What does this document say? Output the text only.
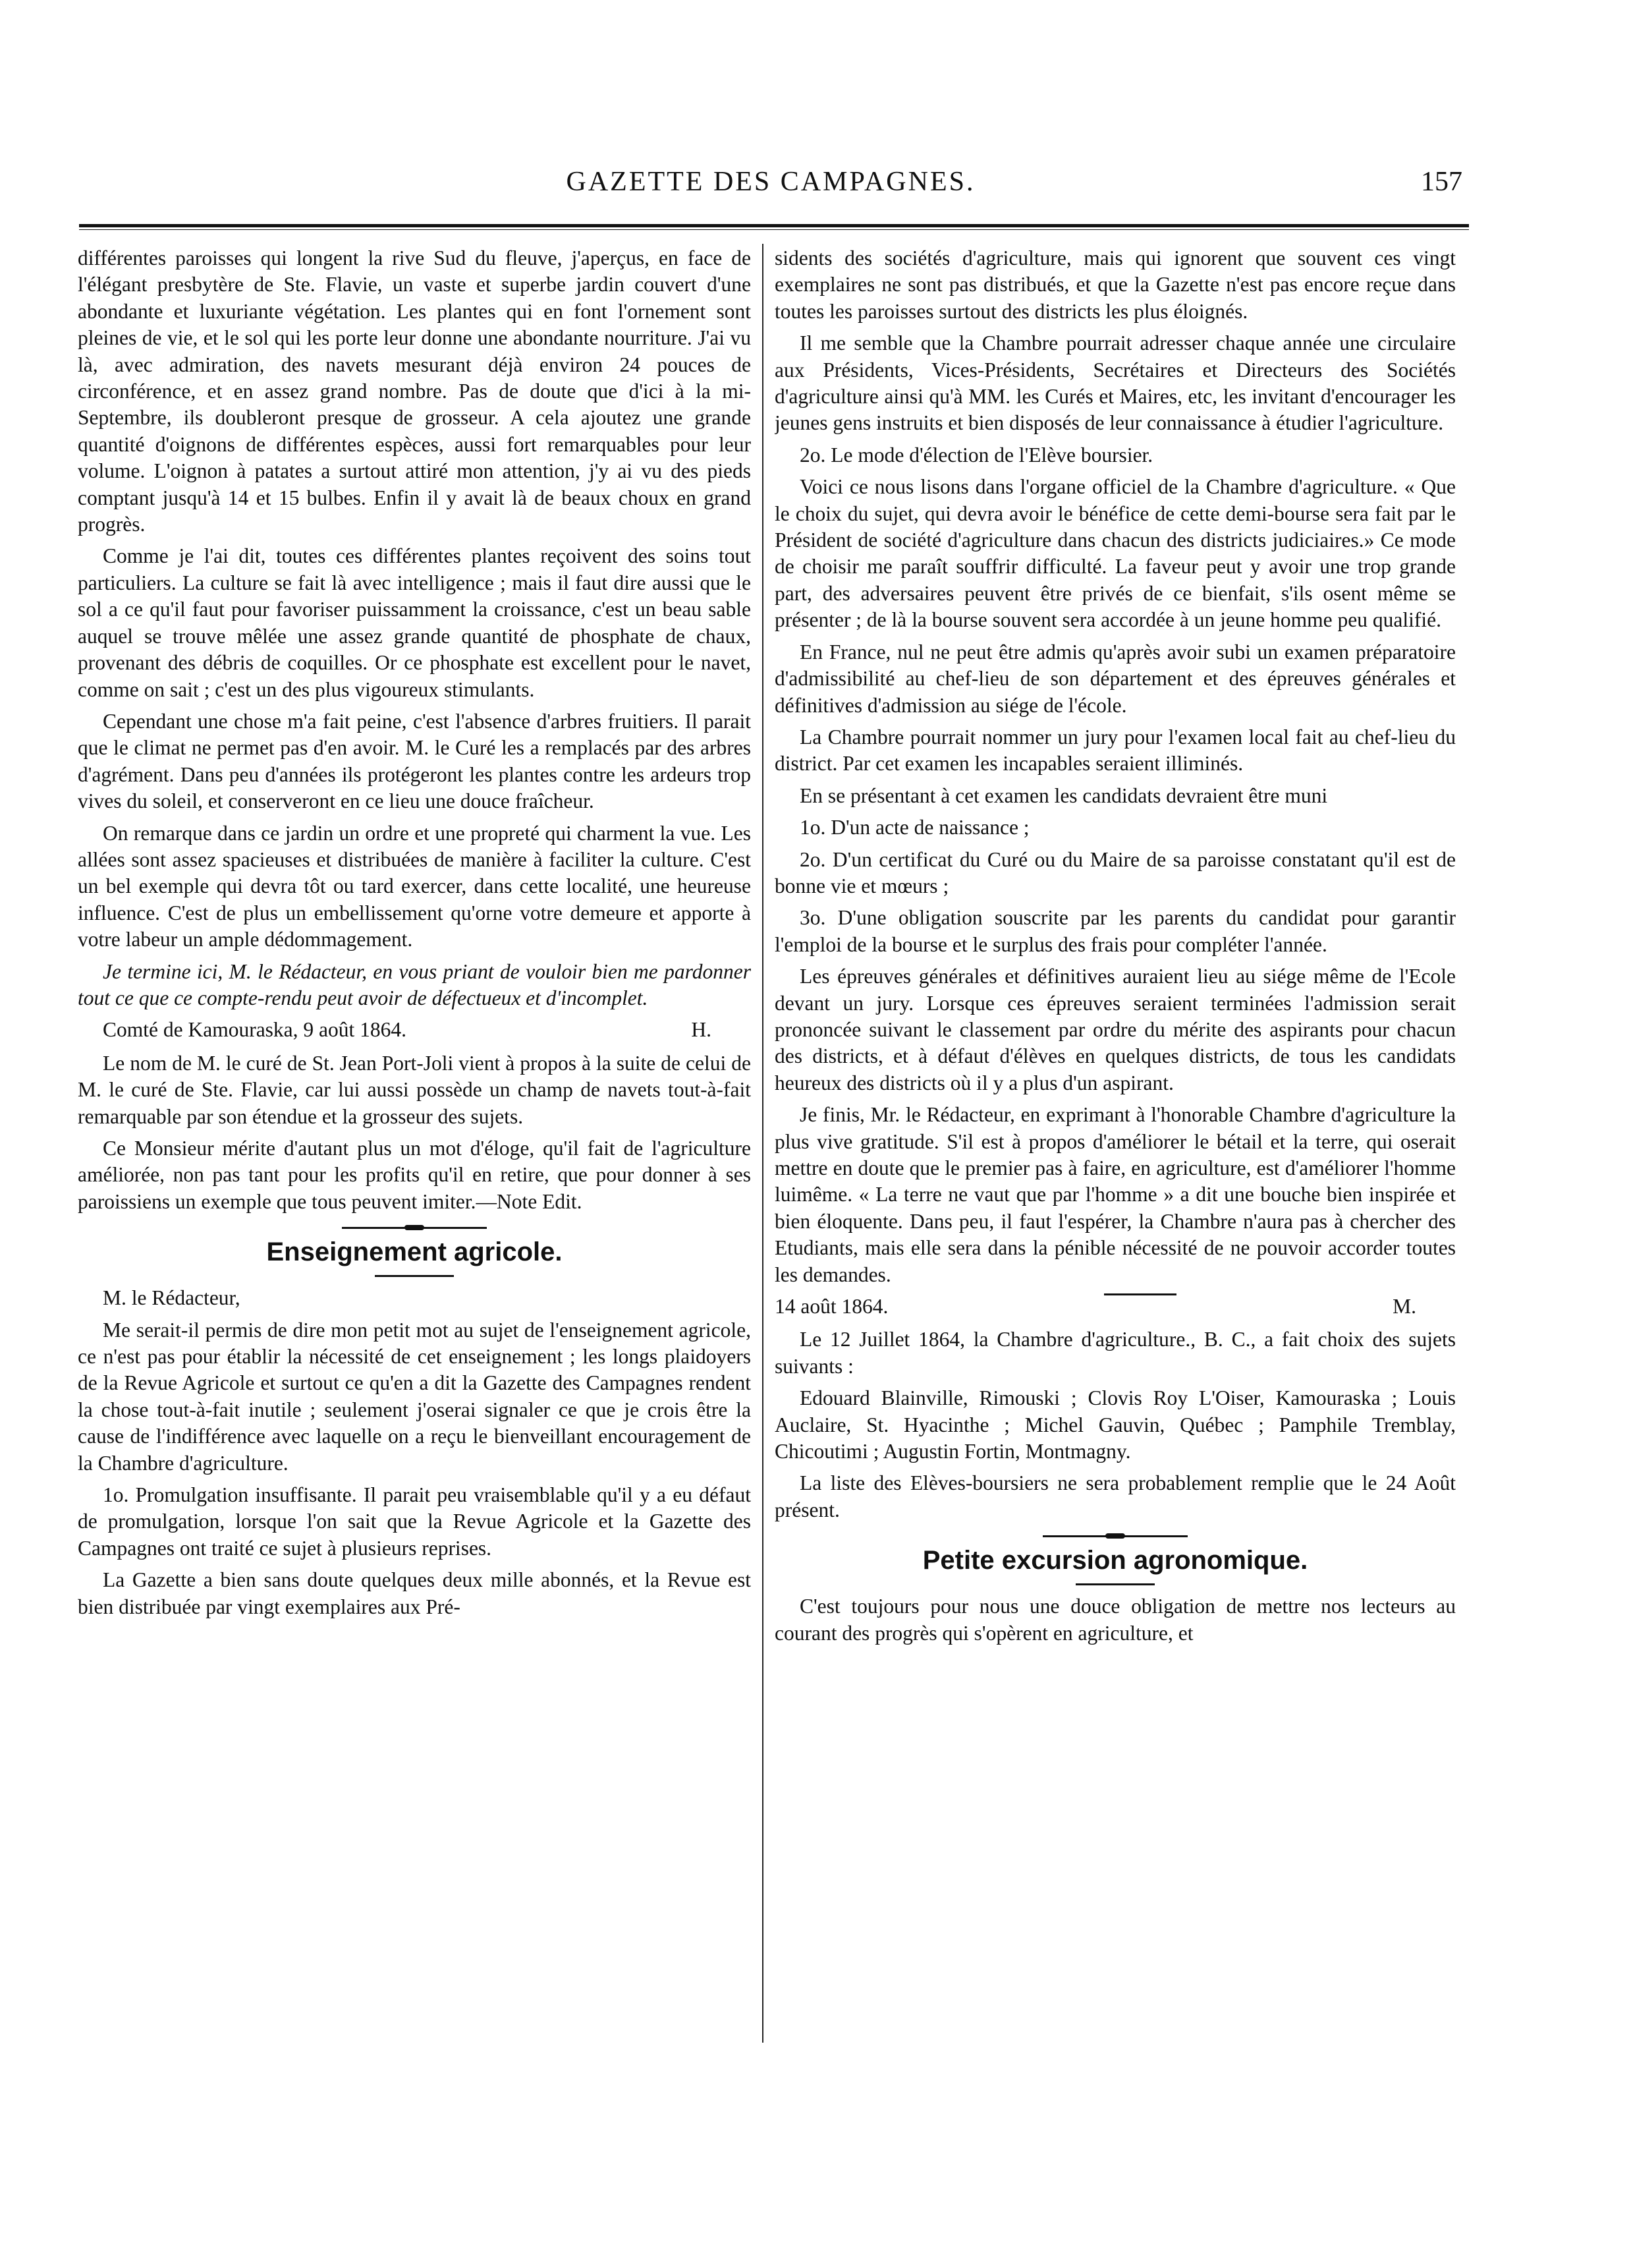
GAZETTE DES CAMPAGNES.	157

différentes paroisses qui longent la rive Sud du fleuve, j'aperçus, en face de l'élégant presbytère de Ste. Flavie, un vaste et superbe jardin couvert d'une abondante et luxuriante végétation. Les plantes qui en font l'ornement sont pleines de vie, et le sol qui les porte leur donne une abondante nourriture. J'ai vu là, avec admiration, des navets mesurant déjà environ 24 pouces de circonférence, et en assez grand nombre. Pas de doute que d'ici à la mi-Septembre, ils doubleront presque de grosseur. A cela ajoutez une grande quantité d'oignons de différentes espèces, aussi fort remarquables pour leur volume. L'oignon à patates a surtout attiré mon attention, j'y ai vu des pieds comptant jusqu'à 14 et 15 bulbes. Enfin il y avait là de beaux choux en grand progrès.

Comme je l'ai dit, toutes ces différentes plantes reçoivent des soins tout particuliers. La culture se fait là avec intelligence ; mais il faut dire aussi que le sol a ce qu'il faut pour favoriser puissamment la croissance, c'est un beau sable auquel se trouve mêlée une assez grande quantité de phosphate de chaux, provenant des débris de coquilles. Or ce phosphate est excellent pour le navet, comme on sait ; c'est un des plus vigoureux stimulants.

Cependant une chose m'a fait peine, c'est l'absence d'arbres fruitiers. Il parait que le climat ne permet pas d'en avoir. M. le Curé les a remplacés par des arbres d'agrément. Dans peu d'années ils protégeront les plantes contre les ardeurs trop vives du soleil, et conserveront en ce lieu une douce fraîcheur.

On remarque dans ce jardin un ordre et une propreté qui charment la vue. Les allées sont assez spacieuses et distribuées de manière à faciliter la culture. C'est un bel exemple qui devra tôt ou tard exercer, dans cette localité, une heureuse influence. C'est de plus un embellissement qu'orne votre demeure et apporte à votre labeur un ample dédommagement.

Je termine ici, M. le Rédacteur, en vous priant de vouloir bien me pardonner tout ce que ce compte-rendu peut avoir de défectueux et d'incomplet.

Comté de Kamouraska, 9 août 1864.	H.

Le nom de M. le curé de St. Jean Port-Joli vient à propos à la suite de celui de M. le curé de Ste. Flavie, car lui aussi possède un champ de navets tout-à-fait remarquable par son étendue et la grosseur des sujets.

Ce Monsieur mérite d'autant plus un mot d'éloge, qu'il fait de l'agriculture améliorée, non pas tant pour les profits qu'il en retire, que pour donner à ses paroissiens un exemple que tous peuvent imiter.—Note Edit.

Enseignement agricole.

M. le Rédacteur,

Me serait-il permis de dire mon petit mot au sujet de l'enseignement agricole, ce n'est pas pour établir la nécessité de cet enseignement ; les longs plaidoyers de la Revue Agricole et surtout ce qu'en a dit la Gazette des Campagnes rendent la chose tout-à-fait inutile ; seulement j'oserai signaler ce que je crois être la cause de l'indifférence avec laquelle on a reçu le bienveillant encouragement de la Chambre d'agriculture.

1o. Promulgation insuffisante. Il parait peu vraisemblable qu'il y a eu défaut de promulgation, lorsque l'on sait que la Revue Agricole et la Gazette des Campagnes ont traité ce sujet à plusieurs reprises.

La Gazette a bien sans doute quelques deux mille abonnés, et la Revue est bien distribuée par vingt exemplaires aux Pré-

sidents des sociétés d'agriculture, mais qui ignorent que souvent ces vingt exemplaires ne sont pas distribués, et que la Gazette n'est pas encore reçue dans toutes les paroisses surtout des districts les plus éloignés.

Il me semble que la Chambre pourrait adresser chaque année une circulaire aux Présidents, Vices-Présidents, Secrétaires et Directeurs des Sociétés d'agriculture ainsi qu'à MM. les Curés et Maires, etc, les invitant d'encourager les jeunes gens instruits et bien disposés de leur connaissance à étudier l'agriculture.

2o. Le mode d'élection de l'Elève boursier.

Voici ce nous lisons dans l'organe officiel de la Chambre d'agriculture. « Que le choix du sujet, qui devra avoir le bénéfice de cette demi-bourse sera fait par le Président de société d'agriculture dans chacun des districts judiciaires.» Ce mode de choisir me paraît souffrir difficulté. La faveur peut y avoir une trop grande part, des adversaires peuvent être privés de ce bienfait, s'ils osent même se présenter ; de là la bourse souvent sera accordée à un jeune homme peu qualifié.

En France, nul ne peut être admis qu'après avoir subi un examen préparatoire d'admissibilité au chef-lieu de son département et des épreuves générales et définitives d'admission au siége de l'école.

La Chambre pourrait nommer un jury pour l'examen local fait au chef-lieu du district. Par cet examen les incapables seraient illiminés.

En se présentant à cet examen les candidats devraient être muni

1o. D'un acte de naissance ;

2o. D'un certificat du Curé ou du Maire de sa paroisse constatant qu'il est de bonne vie et mœurs ;

3o. D'une obligation souscrite par les parents du candidat pour garantir l'emploi de la bourse et le surplus des frais pour compléter l'année.

Les épreuves générales et définitives auraient lieu au siége même de l'Ecole devant un jury. Lorsque ces épreuves seraient terminées l'admission serait prononcée suivant le classement par ordre du mérite des aspirants pour chacun des districts, et à défaut d'élèves en quelques districts, de tous les candidats heureux des districts où il y a plus d'un aspirant.

Je finis, Mr. le Rédacteur, en exprimant à l'honorable Chambre d'agriculture la plus vive gratitude. S'il est à propos d'améliorer le bétail et la terre, qui oserait mettre en doute que le premier pas à faire, en agriculture, est d'améliorer l'homme luimême. « La terre ne vaut que par l'homme » a dit une bouche bien inspirée et bien éloquente. Dans peu, il faut l'espérer, la Chambre n'aura pas à chercher des Etudiants, mais elle sera dans la pénible nécessité de ne pouvoir accorder toutes les demandes.

14 août 1864.	M.

Le 12 Juillet 1864, la Chambre d'agriculture., B. C., a fait choix des sujets suivants :

Edouard Blainville, Rimouski ; Clovis Roy L'Oiser, Kamouraska ; Louis Auclaire, St. Hyacinthe ; Michel Gauvin, Québec ; Pamphile Tremblay, Chicoutimi ; Augustin Fortin, Montmagny.

La liste des Elèves-boursiers ne sera probablement remplie que le 24 Août présent.

Petite excursion agronomique.

C'est toujours pour nous une douce obligation de mettre nos lecteurs au courant des progrès qui s'opèrent en agriculture, et
